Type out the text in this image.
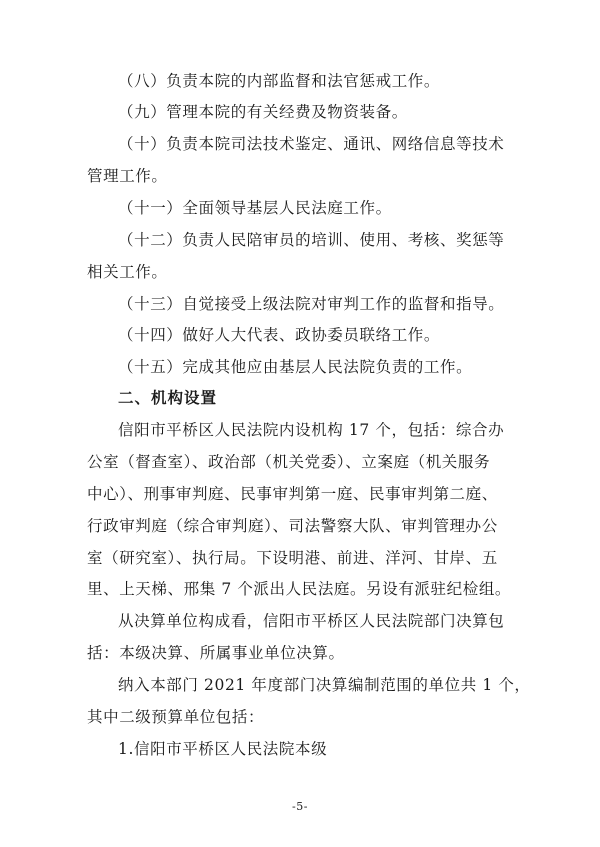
（八）负责本院的内部监督和法官惩戒工作。
（九）管理本院的有关经费及物资装备。
（十）负责本院司法技术鉴定、通讯、网络信息等技术
管理工作。
（十一）全面领导基层人民法庭工作。
（十二）负责人民陪审员的培训、使用、考核、奖惩等
相关工作。
（十三）自觉接受上级法院对审判工作的监督和指导。
（十四）做好人大代表、政协委员联络工作。
（十五）完成其他应由基层人民法院负责的工作。
二、机构设置
信阳市平桥区人民法院内设机构 17 个，包括：综合办
公室（督查室）、政治部（机关党委）、立案庭（机关服务
中心）、刑事审判庭、民事审判第一庭、民事审判第二庭、
行政审判庭（综合审判庭）、司法警察大队、审判管理办公
室（研究室）、执行局。下设明港、前进、洋河、甘岸、五
里、上天梯、邢集 7 个派出人民法庭。另设有派驻纪检组。
从决算单位构成看，信阳市平桥区人民法院部门决算包
括：本级决算、所属事业单位决算。
纳入本部门 2021 年度部门决算编制范围的单位共 1 个，
其中二级预算单位包括：
1.信阳市平桥区人民法院本级
-5-
